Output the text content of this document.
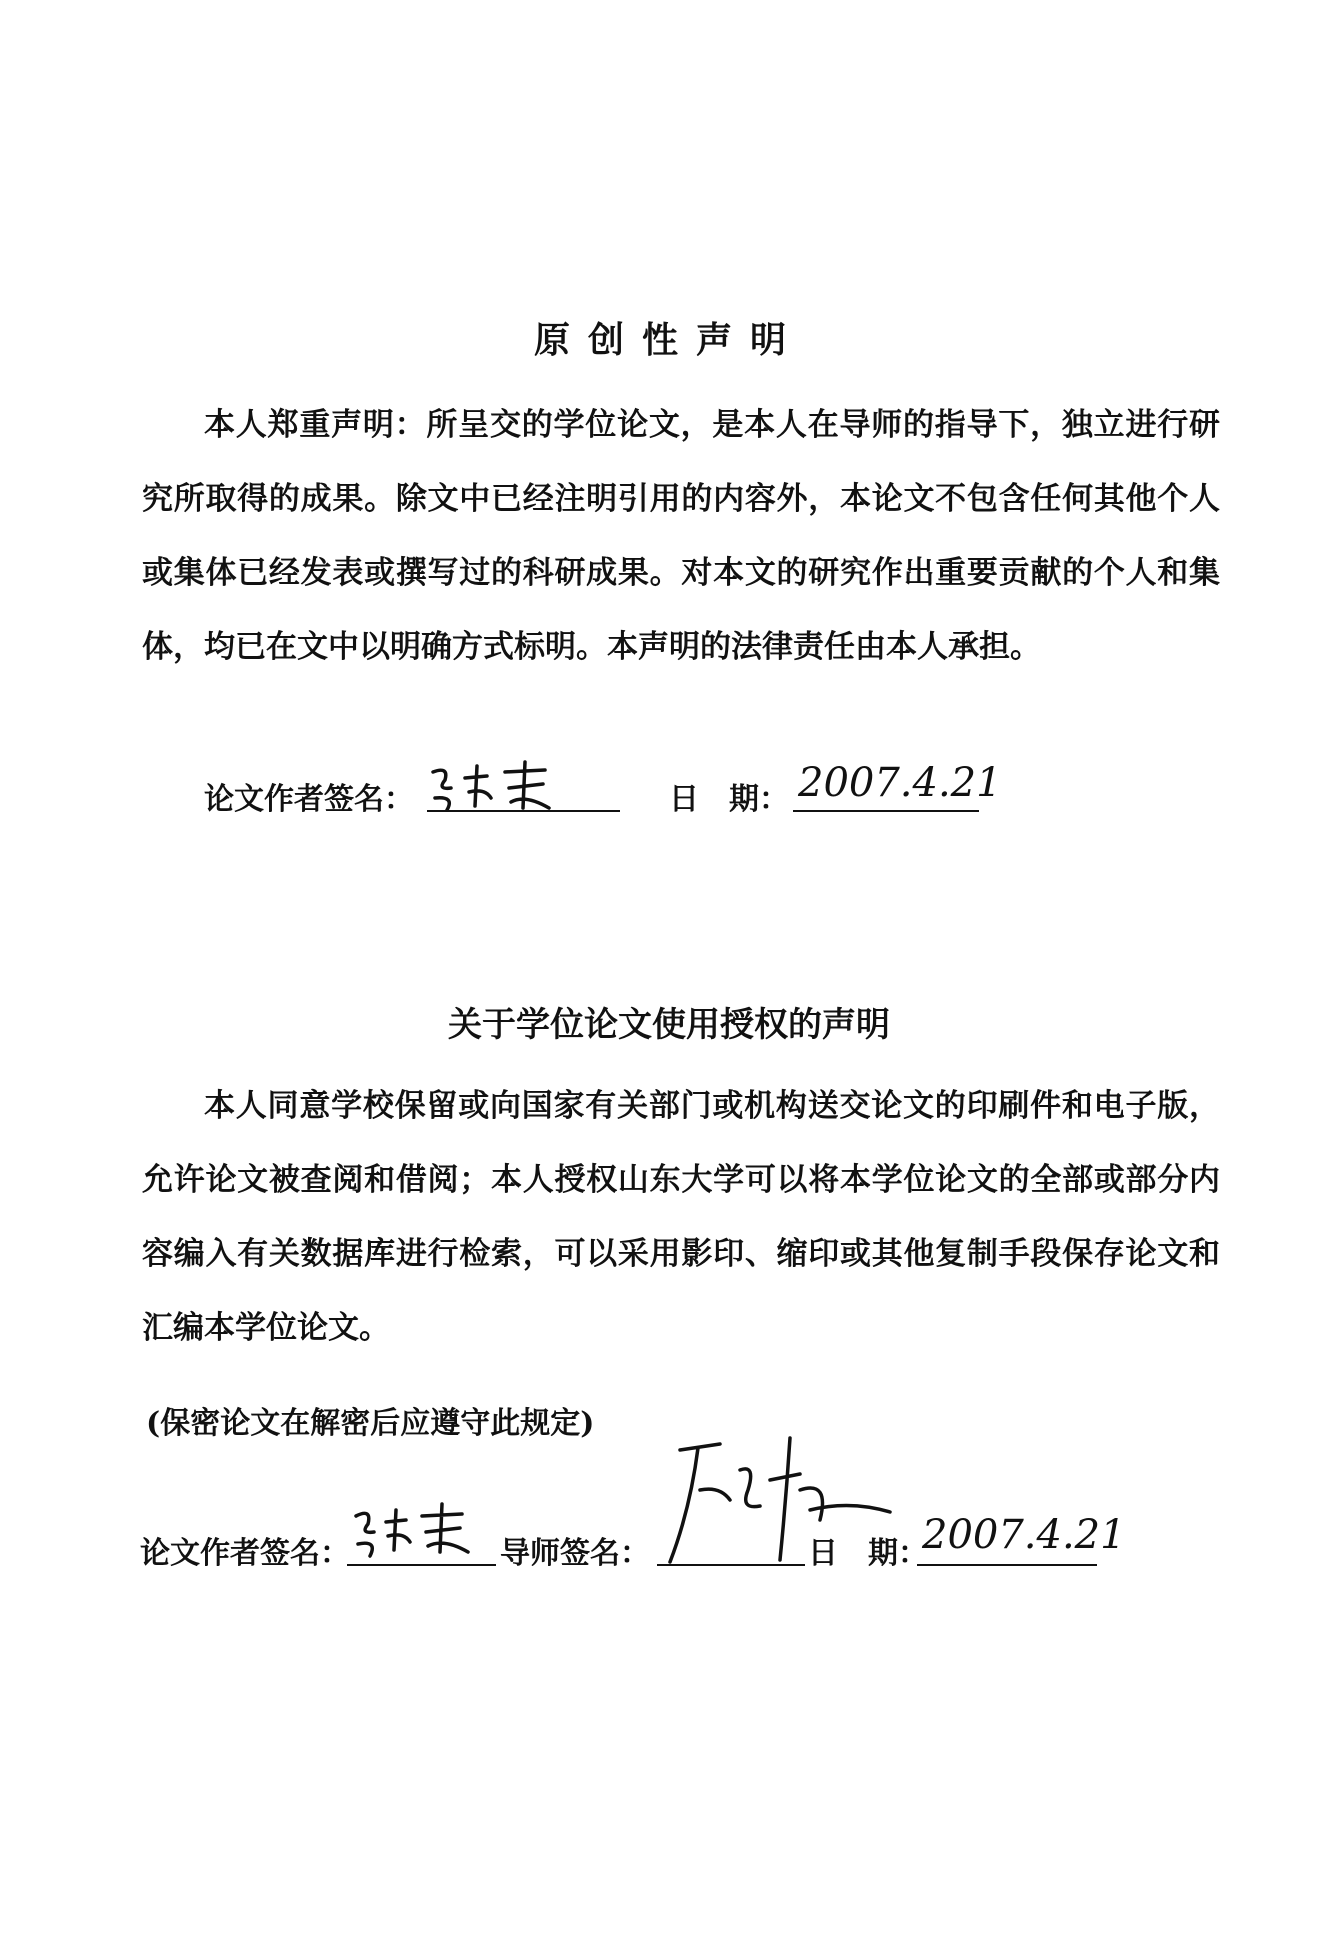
原创性声明
本人郑重声明：所呈交的学位论文，是本人在导师的指导下，独立进行研
究所取得的成果。除文中已经注明引用的内容外，本论文不包含任何其他个人
或集体已经发表或撰写过的科研成果。对本文的研究作出重要贡献的个人和集
体，均已在文中以明确方式标明。本声明的法律责任由本人承担。
论文作者签名：	日　期： 2007.4.21
关于学位论文使用授权的声明
本人同意学校保留或向国家有关部门或机构送交论文的印刷件和电子版，
允许论文被查阅和借阅；本人授权山东大学可以将本学位论文的全部或部分内
容编入有关数据库进行检索，可以采用影印、缩印或其他复制手段保存论文和
汇编本学位论文。
(保密论文在解密后应遵守此规定)
论文作者签名：	导师签名：	日　期：
2007.4.21
